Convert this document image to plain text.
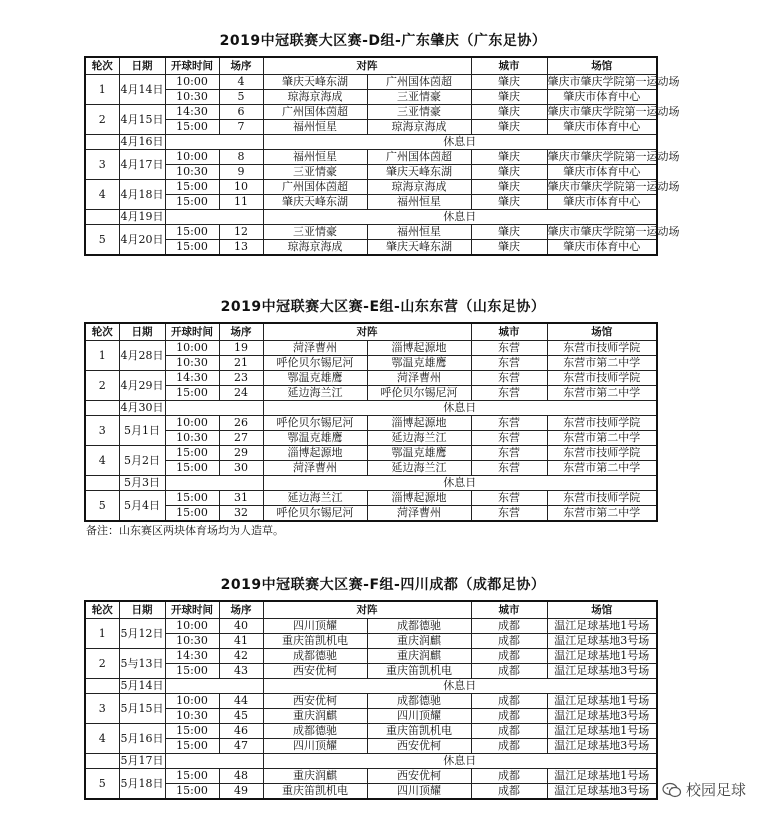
2019中冠联赛大区赛-D组-广东肇庆（广东足协）
轮次	日期	开球时间	场序	对阵		城市	场馆
1	4月14日	10:00	4	肇庆天峰东湖	广州国体茵超	肇庆	肇庆市肇庆学院第一运动场
		10:30	5	琼海京海成	三亚情豪	肇庆	肇庆市体育中心
2	4月15日	14:30	6	广州国体茵超	三亚情豪	肇庆	肇庆市肇庆学院第一运动场
		15:00	7	福州恒星	琼海京海成	肇庆	肇庆市体育中心
	4月16日			休息日			
3	4月17日	10:00	8	福州恒星	广州国体茵超	肇庆	肇庆市肇庆学院第一运动场
		10:30	9	三亚情豪	肇庆天峰东湖	肇庆	肇庆市体育中心
4	4月18日	15:00	10	广州国体茵超	琼海京海成	肇庆	肇庆市肇庆学院第一运动场
		15:00	11	肇庆天峰东湖	福州恒星	肇庆	肇庆市体育中心
	4月19日			休息日			
5	4月20日	15:00	12	三亚情豪	福州恒星	肇庆	肇庆市肇庆学院第一运动场
		15:00	13	琼海京海成	肇庆天峰东湖	肇庆	肇庆市体育中心
2019中冠联赛大区赛-E组-山东东营（山东足协）
轮次	日期	开球时间	场序	对阵		城市	场馆
1	4月28日	10:00	19	菏泽曹州	淄博起源地	东营	东营市技师学院
		10:30	21	呼伦贝尔锡尼河	鄂温克雄鹰	东营	东营市第二中学
2	4月29日	14:30	23	鄂温克雄鹰	菏泽曹州	东营	东营市技师学院
		15:00	24	延边海兰江	呼伦贝尔锡尼河	东营	东营市第二中学
	4月30日			休息日			
3	5月1日	10:00	26	呼伦贝尔锡尼河	淄博起源地	东营	东营市技师学院
		10:30	27	鄂温克雄鹰	延边海兰江	东营	东营市第二中学
4	5月2日	15:00	29	淄博起源地	鄂温克雄鹰	东营	东营市技师学院
		15:00	30	菏泽曹州	延边海兰江	东营	东营市第二中学
	5月3日			休息日			
5	5月4日	15:00	31	延边海兰江	淄博起源地	东营	东营市技师学院
		15:00	32	呼伦贝尔锡尼河	菏泽曹州	东营	东营市第二中学
备注：山东赛区两块体育场均为人造草。
2019中冠联赛大区赛-F组-四川成都（成都足协）
轮次	日期	开球时间	场序	对阵		城市	场馆
1	5月12日	10:00	40	四川顶耀	成都德驰	成都	温江足球基地1号场
		10:30	41	重庆笛凯机电	重庆润麒	成都	温江足球基地3号场
2	5与13日	14:30	42	成都德驰	重庆润麒	成都	温江足球基地1号场
		15:00	43	西安优柯	重庆笛凯机电	成都	温江足球基地3号场
	5月14日			休息日			
3	5月15日	10:00	44	西安优柯	成都德驰	成都	温江足球基地1号场
		10:30	45	重庆润麒	四川顶耀	成都	温江足球基地3号场
4	5月16日	15:00	46	成都德驰	重庆笛凯机电	成都	温江足球基地1号场
		15:00	47	四川顶耀	西安优柯	成都	温江足球基地3号场
	5月17日			休息日			
5	5月18日	15:00	48	重庆润麒	西安优柯	成都	温江足球基地1号场
		15:00	49	重庆笛凯机电	四川顶耀	成都	温江足球基地3号场 校园足球
